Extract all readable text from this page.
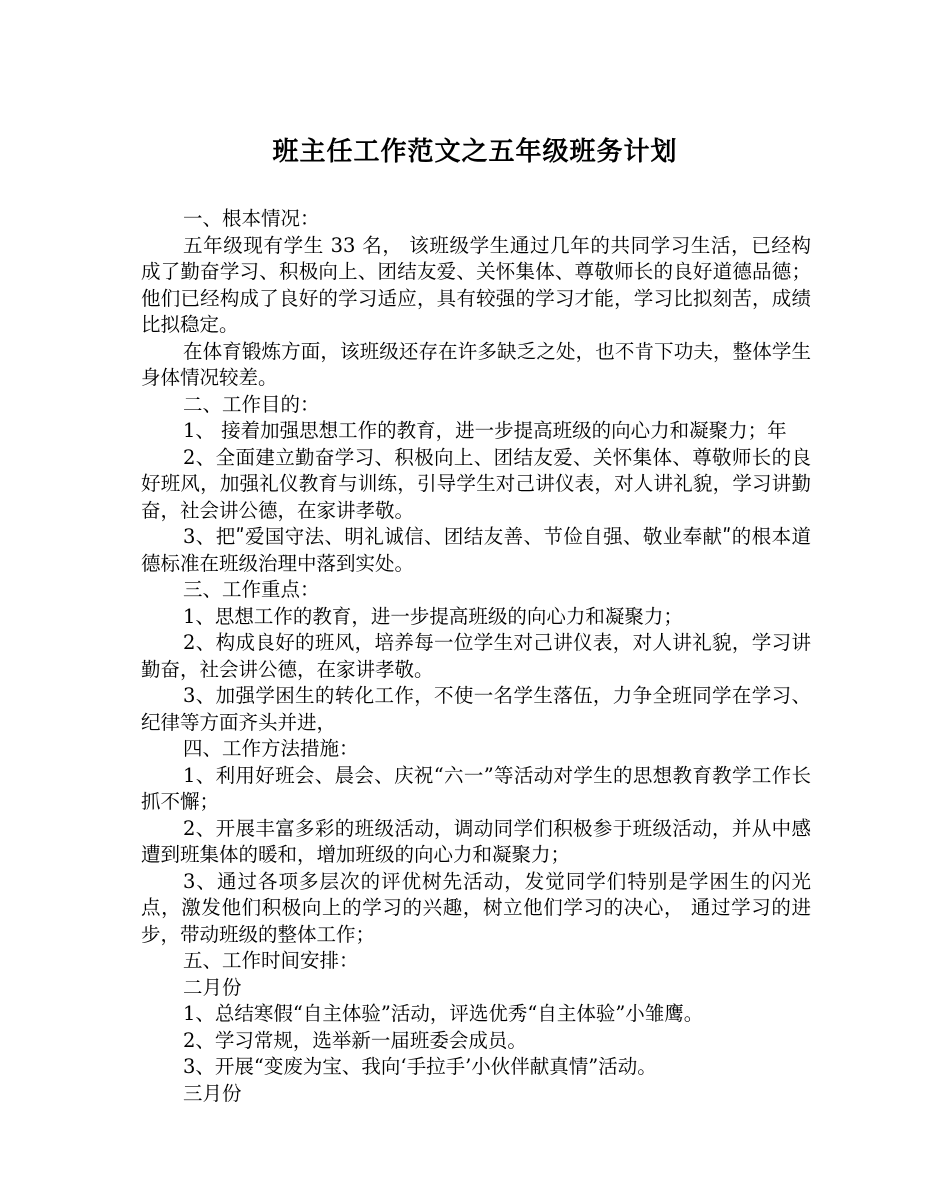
班主任工作范文之五年级班务计划

一、根本情况：

五年级现有学生 33 名， 该班级学生通过几年的共同学习生活，已经构成了勤奋学习、积极向上、团结友爱、关怀集体、尊敬师长的良好道德品德；他们已经构成了良好的学习适应，具有较强的学习才能，学习比拟刻苦，成绩比拟稳定。

在体育锻炼方面，该班级还存在许多缺乏之处，也不肯下功夫，整体学生身体情况较差。

二、工作目的：

1、 接着加强思想工作的教育，进一步提高班级的向心力和凝聚力；年

2、全面建立勤奋学习、积极向上、团结友爱、关怀集体、尊敬师长的良好班风，加强礼仪教育与训练，引导学生对己讲仪表，对人讲礼貌，学习讲勤奋，社会讲公德，在家讲孝敬。

3、把ʺ爱国守法、明礼诚信、团结友善、节俭自强、敬业奉献ʺ的根本道德标准在班级治理中落到实处。

三、工作重点：

1、思想工作的教育，进一步提高班级的向心力和凝聚力；

2、构成良好的班风，培养每一位学生对己讲仪表，对人讲礼貌，学习讲勤奋，社会讲公德，在家讲孝敬。

3、加强学困生的转化工作，不使一名学生落伍，力争全班同学在学习、纪律等方面齐头并进，

四、工作方法措施：

1、利用好班会、晨会、庆祝“六一”等活动对学生的思想教育教学工作长抓不懈；

2、开展丰富多彩的班级活动，调动同学们积极参于班级活动，并从中感遭到班集体的暖和，增加班级的向心力和凝聚力；

3、通过各项多层次的评优树先活动，发觉同学们特别是学困生的闪光点，激发他们积极向上的学习的兴趣，树立他们学习的决心， 通过学习的进步，带动班级的整体工作；

五、工作时间安排：

二月份

1、总结寒假“自主体验”活动，评选优秀“自主体验”小雏鹰。

2、学习常规，选举新一届班委会成员。

3、开展“变废为宝、我向‘手拉手’小伙伴献真情”活动。

三月份
